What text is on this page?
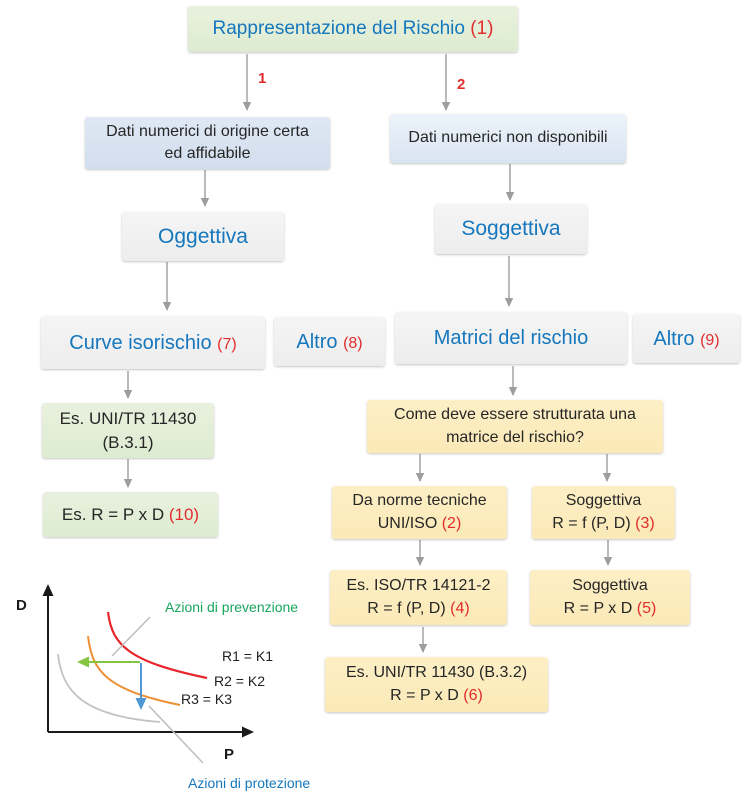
D
P
Azioni di prevenzione
Azioni di protezione
R1 = K1
R2 = K2
R3 = K3
1	2
Rappresentazione del Rischio (1)
Dati numerici di origine certa
ed affidabile
Dati numerici non disponibili
Oggettiva	Soggettiva
Curve isorischio (7)	Altro (8)	Matrici del rischio	Altro (9)
Es. UNI/TR 11430
(B.3.1)
Es. R = P x D (10)
Come deve essere strutturata una
matrice del rischio?
Da norme tecniche
UNI/ISO (2)
Soggettiva
R = f (P, D) (3)
Es. ISO/TR 14121-2
R = f (P, D) (4)
Soggettiva
R = P x D (5)
Es. UNI/TR 11430 (B.3.2)
R = P x D (6)
